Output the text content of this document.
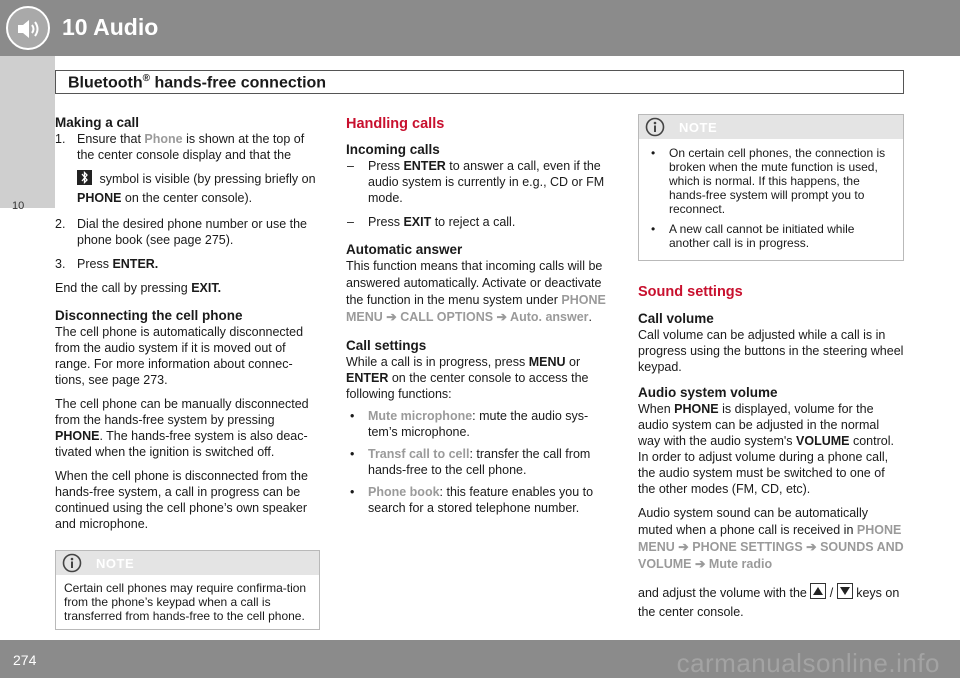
10 Audio
10
Bluetooth® hands-free connection
Making a call
1. Ensure that Phone is shown at the top of the center console display and that the

symbol is visible (by pressing briefly on PHONE on the center console).
2. Dial the desired phone number or use the phone book (see page 275).
3. Press ENTER.

End the call by pressing EXIT.

Disconnecting the cell phone

The cell phone is automatically disconnected from the audio system if it is moved out of range. For more information about connec-tions, see page 273.

The cell phone can be manually disconnected from the hands-free system by pressing PHONE. The hands-free system is also deac-tivated when the ignition is switched off.

When the cell phone is disconnected from the hands-free system, a call in progress can be continued using the cell phone’s own speaker and microphone.

NOTE
Certain cell phones may require confirma-tion from the phone’s keypad when a call is transferred from hands-free to the cell phone.
Handling calls
Incoming calls
– Press ENTER to answer a call, even if the audio system is currently in e.g., CD or FM mode.
– Press EXIT to reject a call.
Automatic answer

This function means that incoming calls will be answered automatically. Activate or deactivate the function in the menu system under PHONE MENU ➔ CALL OPTIONS ➔ Auto. answer.

Call settings

While a call is in progress, press MENU or ENTER on the center console to access the following functions:

• Mute microphone: mute the audio sys-tem’s microphone.
• Transf call to cell: transfer the call from hands-free to the cell phone.
• Phone book: this feature enables you to search for a stored telephone number.
NOTE
• On certain cell phones, the connection is broken when the mute function is used, which is normal. If this happens, the hands-free system will prompt you to reconnect.
• A new call cannot be initiated while another call is in progress.
Sound settings
Call volume

Call volume can be adjusted while a call is in progress using the buttons in the steering wheel keypad.

Audio system volume

When PHONE is displayed, volume for the audio system can be adjusted in the normal way with the audio system's VOLUME control. In order to adjust volume during a phone call, the audio system must be switched to one of the other modes (FM, CD, etc).

Audio system sound can be automatically muted when a phone call is received in PHONE MENU ➔ PHONE SETTINGS ➔ SOUNDS AND VOLUME ➔ Mute radio

and adjust the volume with the
/
keys on the center console.

274	carmanualsonline.info
